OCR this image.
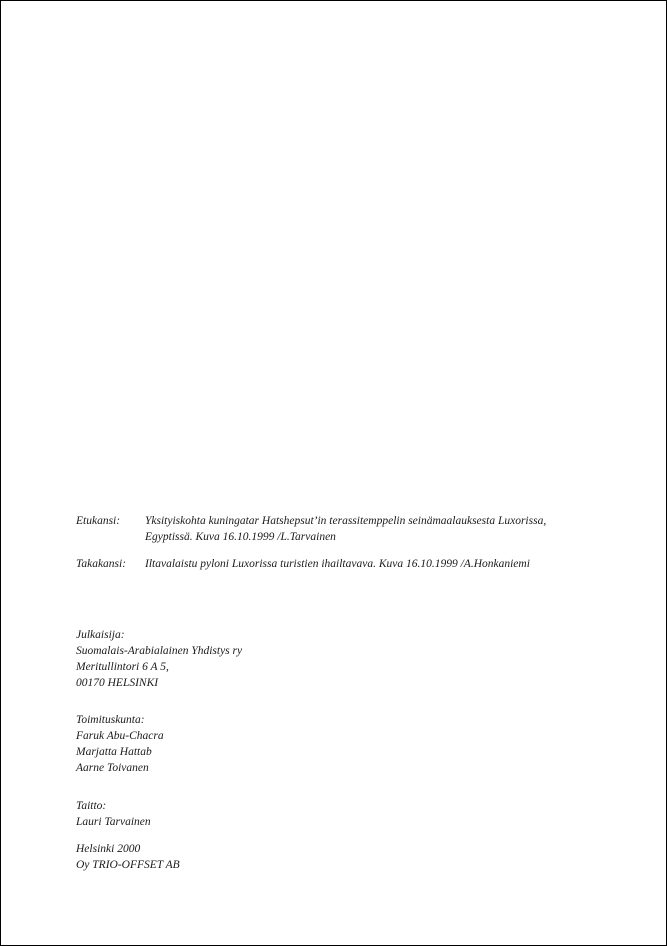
Etukansi: Yksityiskohta kuningatar Hatshepsut’in terassitemppelin seinämaalauksesta Luxorissa,
Egyptissä. Kuva 16.10.1999 /L.Tarvainen
Takakansi: Iltavalaistu pyloni Luxorissa turistien ihailtavava. Kuva 16.10.1999 /A.Honkaniemi
Julkaisija:
Suomalais-Arabialainen Yhdistys ry
Meritullintori 6 A 5,
00170 HELSINKI
Toimituskunta:
Faruk Abu-Chacra
Marjatta Hattab
Aarne Toivanen
Taitto:
Lauri Tarvainen
Helsinki 2000
Oy TRIO-OFFSET AB
